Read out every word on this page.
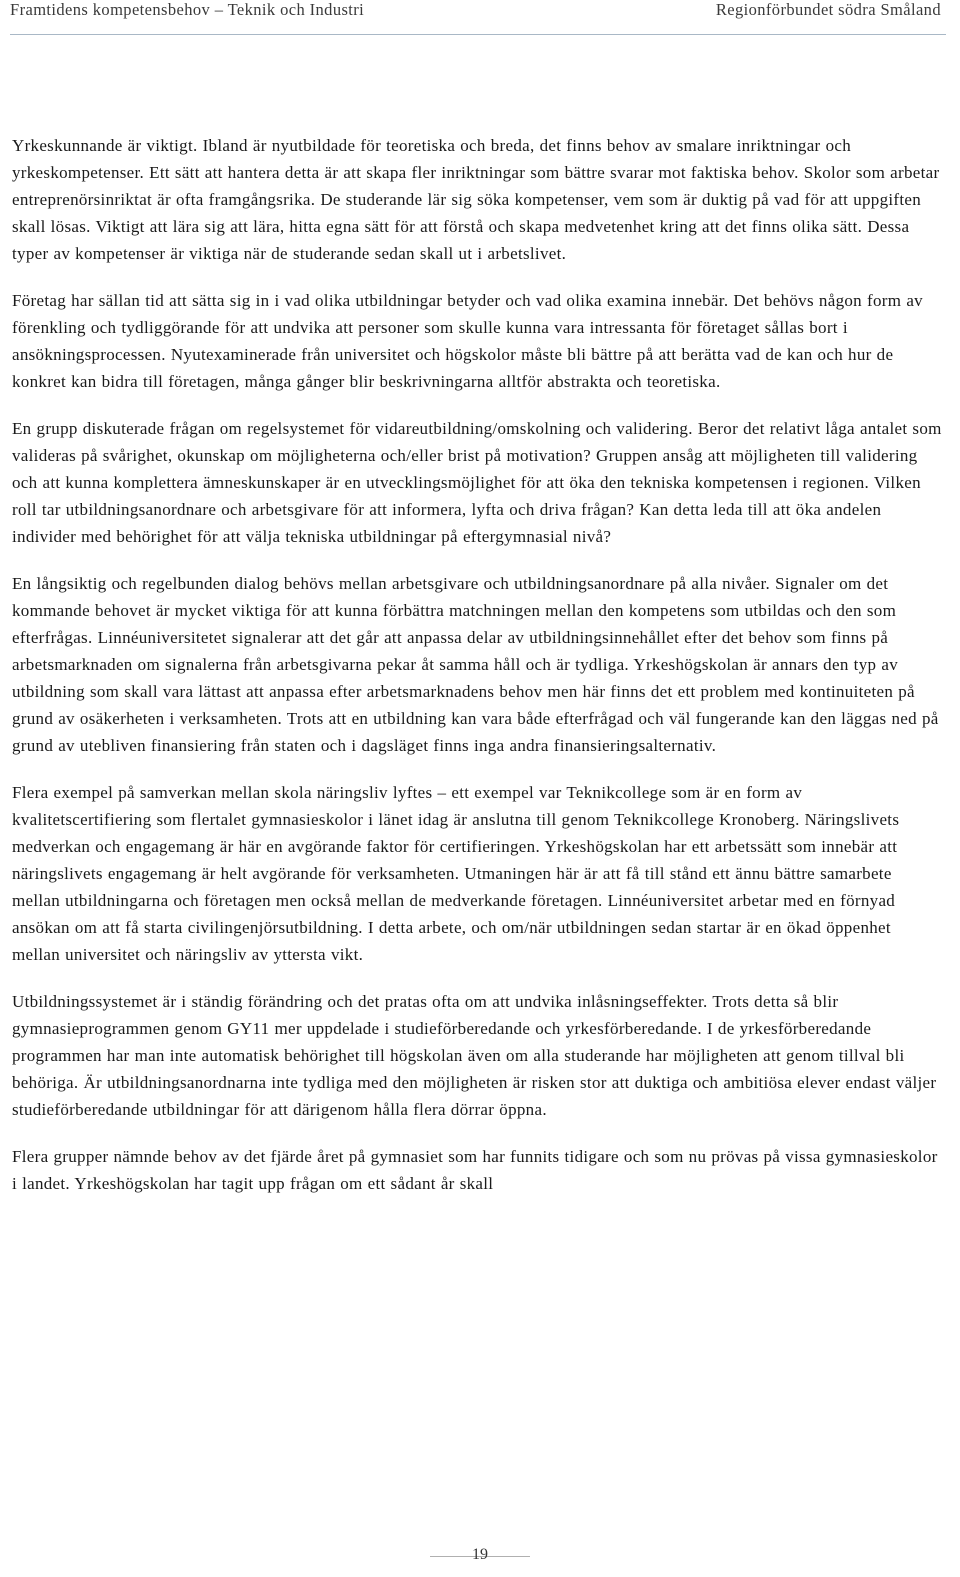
Framtidens kompetensbehov – Teknik och Industri	Regionförbundet södra Småland

Yrkeskunnande är viktigt. Ibland är nyutbildade för teoretiska och breda, det finns behov av smalare inriktningar och yrkeskompetenser. Ett sätt att hantera detta är att skapa fler inriktningar som bättre svarar mot faktiska behov. Skolor som arbetar entreprenörsinriktat är ofta framgångsrika. De studerande lär sig söka kompetenser, vem som är duktig på vad för att uppgiften skall lösas. Viktigt att lära sig att lära, hitta egna sätt för att förstå och skapa medvetenhet kring att det finns olika sätt. Dessa typer av kompetenser är viktiga när de studerande sedan skall ut i arbetslivet.

Företag har sällan tid att sätta sig in i vad olika utbildningar betyder och vad olika examina innebär. Det behövs någon form av förenkling och tydliggörande för att undvika att personer som skulle kunna vara intressanta för företaget sållas bort i ansökningsprocessen. Nyutexaminerade från universitet och högskolor måste bli bättre på att berätta vad de kan och hur de konkret kan bidra till företagen, många gånger blir beskrivningarna alltför abstrakta och teoretiska.

En grupp diskuterade frågan om regelsystemet för vidareutbildning/omskolning och validering. Beror det relativt låga antalet som valideras på svårighet, okunskap om möjligheterna och/eller brist på motivation? Gruppen ansåg att möjligheten till validering och att kunna komplettera ämneskunskaper är en utvecklingsmöjlighet för att öka den tekniska kompetensen i regionen. Vilken roll tar utbildningsanordnare och arbetsgivare för att informera, lyfta och driva frågan? Kan detta leda till att öka andelen individer med behörighet för att välja tekniska utbildningar på eftergymnasial nivå?

En långsiktig och regelbunden dialog behövs mellan arbetsgivare och utbildningsanordnare på alla nivåer. Signaler om det kommande behovet är mycket viktiga för att kunna förbättra matchningen mellan den kompetens som utbildas och den som efterfrågas. Linnéuniversitetet signalerar att det går att anpassa delar av utbildningsinnehållet efter det behov som finns på arbetsmarknaden om signalerna från arbetsgivarna pekar åt samma håll och är tydliga. Yrkeshögskolan är annars den typ av utbildning som skall vara lättast att anpassa efter arbetsmarknadens behov men här finns det ett problem med kontinuiteten på grund av osäkerheten i verksamheten. Trots att en utbildning kan vara både efterfrågad och väl fungerande kan den läggas ned på grund av utebliven finansiering från staten och i dagsläget finns inga andra finansieringsalternativ.

Flera exempel på samverkan mellan skola näringsliv lyftes – ett exempel var Teknikcollege som är en form av kvalitetscertifiering som flertalet gymnasieskolor i länet idag är anslutna till genom Teknikcollege Kronoberg. Näringslivets medverkan och engagemang är här en avgörande faktor för certifieringen. Yrkeshögskolan har ett arbetssätt som innebär att näringslivets engagemang är helt avgörande för verksamheten. Utmaningen här är att få till stånd ett ännu bättre samarbete mellan utbildningarna och företagen men också mellan de medverkande företagen. Linnéuniversitet arbetar med en förnyad ansökan om att få starta civilingenjörsutbildning. I detta arbete, och om/när utbildningen sedan startar är en ökad öppenhet mellan universitet och näringsliv av yttersta vikt.

Utbildningssystemet är i ständig förändring och det pratas ofta om att undvika inlåsningseffekter. Trots detta så blir gymnasieprogrammen genom GY11 mer uppdelade i studieförberedande och yrkesförberedande. I de yrkesförberedande programmen har man inte automatisk behörighet till högskolan även om alla studerande har möjligheten att genom tillval bli behöriga. Är utbildningsanordnarna inte tydliga med den möjligheten är risken stor att duktiga och ambitiösa elever endast väljer studieförberedande utbildningar för att därigenom hålla flera dörrar öppna.

Flera grupper nämnde behov av det fjärde året på gymnasiet som har funnits tidigare och som nu prövas på vissa gymnasieskolor i landet. Yrkeshögskolan har tagit upp frågan om ett sådant år skall

19
